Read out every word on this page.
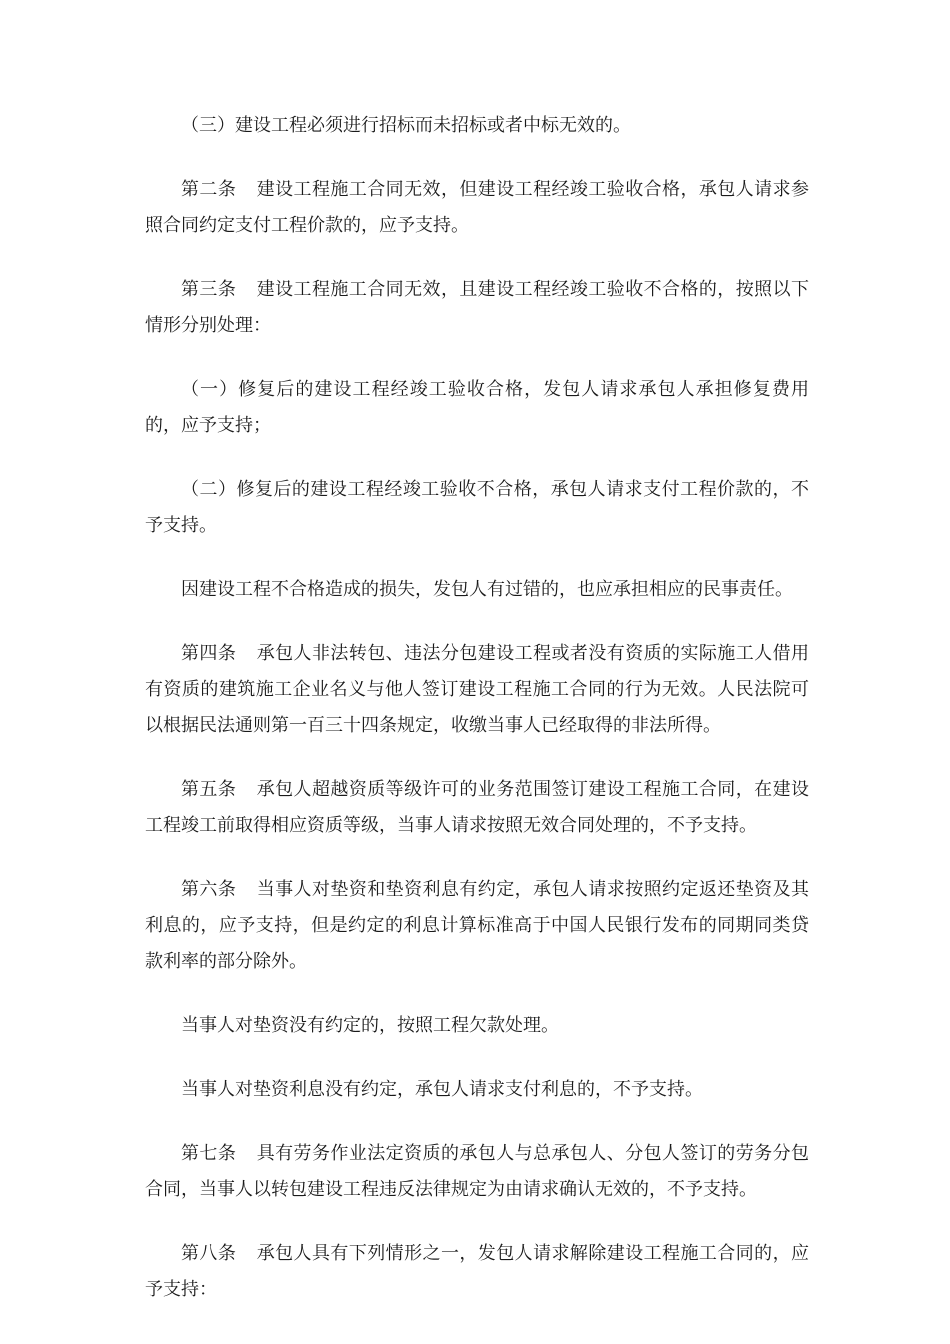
（三）建设工程必须进行招标而未招标或者中标无效的。

第二条 建设工程施工合同无效，但建设工程经竣工验收合格，承包人请求参照合同约定支付工程价款的，应予支持。

第三条 建设工程施工合同无效，且建设工程经竣工验收不合格的，按照以下情形分别处理：

（一）修复后的建设工程经竣工验收合格，发包人请求承包人承担修复费用的，应予支持；

（二）修复后的建设工程经竣工验收不合格，承包人请求支付工程价款的，不予支持。

因建设工程不合格造成的损失，发包人有过错的，也应承担相应的民事责任。

第四条 承包人非法转包、违法分包建设工程或者没有资质的实际施工人借用有资质的建筑施工企业名义与他人签订建设工程施工合同的行为无效。人民法院可以根据民法通则第一百三十四条规定，收缴当事人已经取得的非法所得。

第五条 承包人超越资质等级许可的业务范围签订建设工程施工合同，在建设工程竣工前取得相应资质等级，当事人请求按照无效合同处理的，不予支持。

第六条 当事人对垫资和垫资利息有约定，承包人请求按照约定返还垫资及其利息的，应予支持，但是约定的利息计算标准高于中国人民银行发布的同期同类贷款利率的部分除外。

当事人对垫资没有约定的，按照工程欠款处理。

当事人对垫资利息没有约定，承包人请求支付利息的，不予支持。

第七条 具有劳务作业法定资质的承包人与总承包人、分包人签订的劳务分包合同，当事人以转包建设工程违反法律规定为由请求确认无效的，不予支持。

第八条 承包人具有下列情形之一，发包人请求解除建设工程施工合同的，应予支持：
